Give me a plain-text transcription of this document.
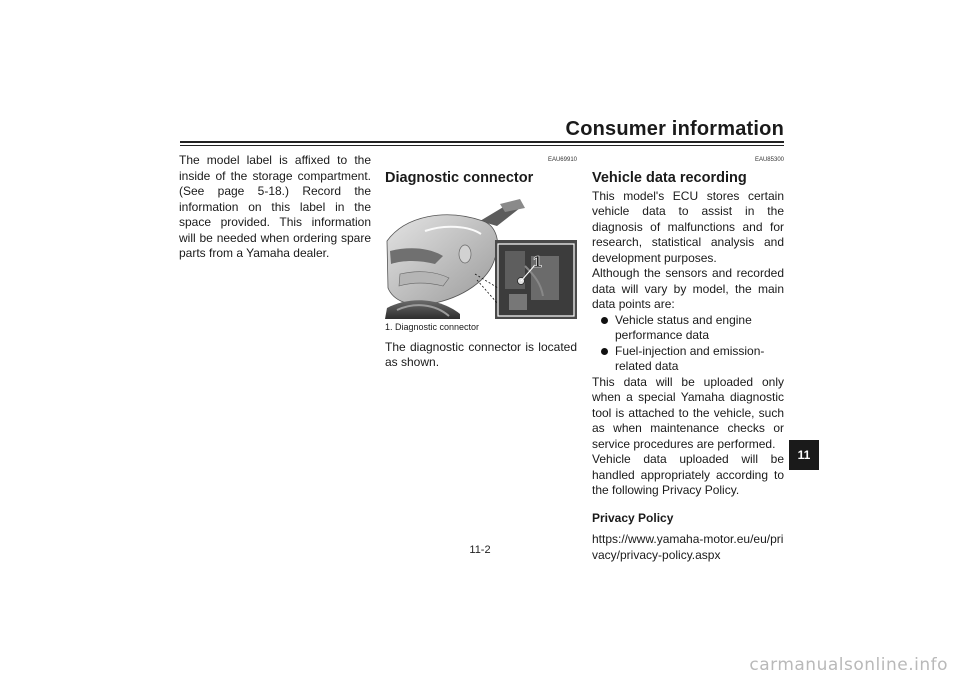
Consumer information

The model label is affixed to the inside of the storage compartment. (See page 5-18.) Record the information on this label in the space provided. This information will be needed when ordering spare parts from a Yamaha dealer.

EAU69910
Diagnostic connector
1
1. Diagnostic connector

The diagnostic connector is located as shown.

EAU85300
Vehicle data recording

This model's ECU stores certain vehicle data to assist in the diagnosis of malfunctions and for research, statistical analysis and development purposes.

Although the sensors and recorded data will vary by model, the main data points are:

Vehicle status and engine performance data
Fuel-injection and emission-related data

This data will be uploaded only when a special Yamaha diagnostic tool is attached to the vehicle, such as when maintenance checks or service procedures are performed.

Vehicle data uploaded will be handled appropriately according to the following Privacy Policy.

Privacy Policy

https://www.yamaha-motor.eu/eu/privacy/privacy-policy.aspx

11
11-2
carmanualsonline.info
